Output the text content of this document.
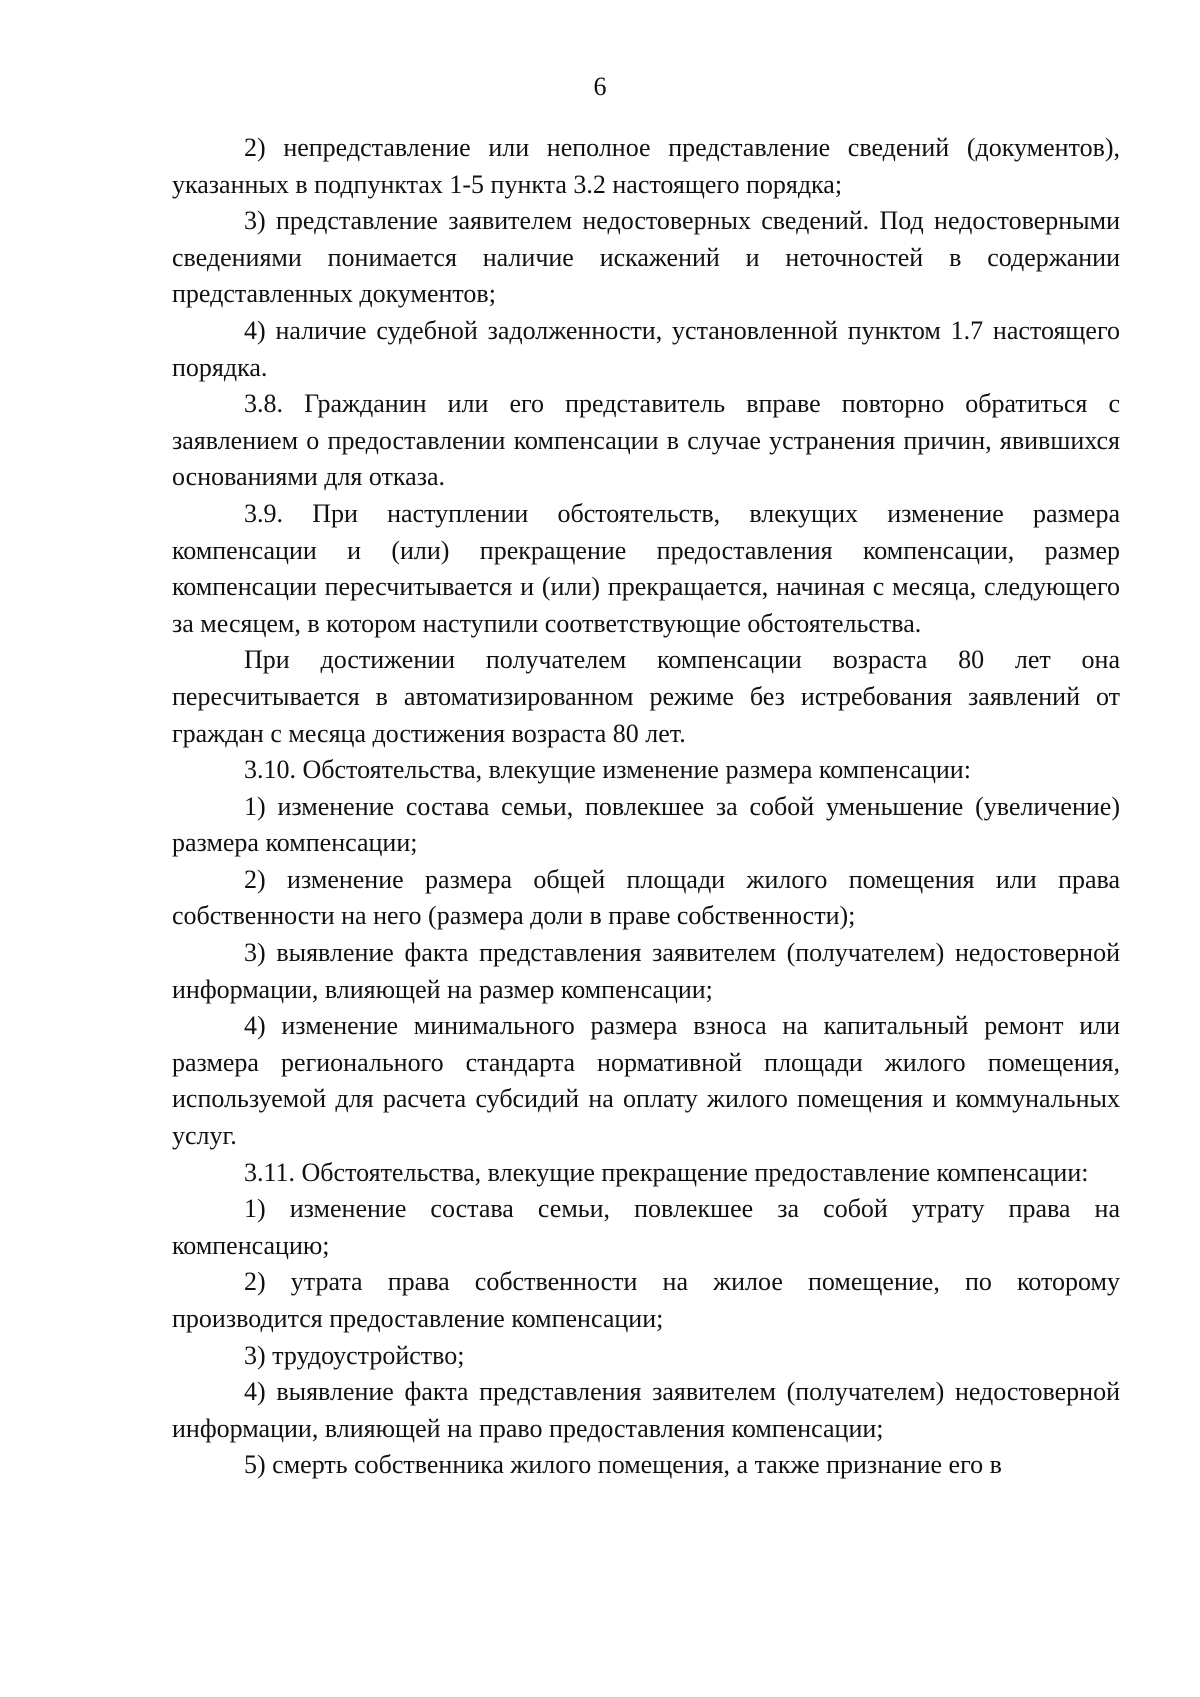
6

2) непредставление или неполное представление сведений (документов), указанных в подпунктах 1-5 пункта 3.2 настоящего порядка;

3) представление заявителем недостоверных сведений. Под недостоверными сведениями понимается наличие искажений и неточностей в содержании представленных документов;

4) наличие судебной задолженности, установленной пунктом 1.7 настоящего порядка.

3.8. Гражданин или его представитель вправе повторно обратиться с заявлением о предоставлении компенсации в случае устранения причин, явившихся основаниями для отказа.

3.9. При наступлении обстоятельств, влекущих изменение размера компенсации и (или) прекращение предоставления компенсации, размер компенсации пересчитывается и (или) прекращается, начиная с месяца, следующего за месяцем, в котором наступили соответствующие обстоятельства.

При достижении получателем компенсации возраста 80 лет она пересчитывается в автоматизированном режиме без истребования заявлений от граждан с месяца достижения возраста 80 лет.

3.10. Обстоятельства, влекущие изменение размера компенсации:

1) изменение состава семьи, повлекшее за собой уменьшение (увеличение) размера компенсации;

2) изменение размера общей площади жилого помещения или права собственности на него (размера доли в праве собственности);

3) выявление факта представления заявителем (получателем) недостоверной информации, влияющей на размер компенсации;

4) изменение минимального размера взноса на капитальный ремонт или размера регионального стандарта нормативной площади жилого помещения, используемой для расчета субсидий на оплату жилого помещения и коммунальных услуг.

3.11. Обстоятельства, влекущие прекращение предоставление компенсации:

1) изменение состава семьи, повлекшее за собой утрату права на компенсацию;

2) утрата права собственности на жилое помещение, по которому производится предоставление компенсации;

3) трудоустройство;

4) выявление факта представления заявителем (получателем) недостоверной информации, влияющей на право предоставления компенсации;

5) смерть собственника жилого помещения, а также признание его в
